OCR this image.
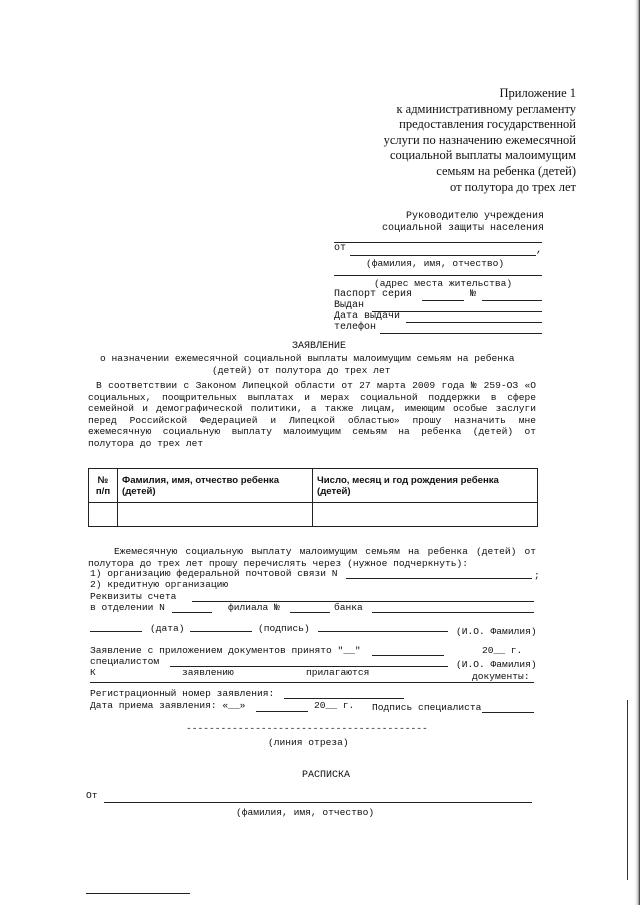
Приложение 1
к административному регламенту
предоставления государственной
услуги по назначению ежемесячной
социальной выплаты малоимущим
семьям на ребенка (детей)
от полутора до трех лет
Руководителю учреждения
социальной защиты населения
от	,
(фамилия, имя, отчество)
(адрес места жительства)
Паспорт серия	№
Выдан
Дата выдачи
телефон
ЗАЯВЛЕНИЕ
о назначении ежемесячной социальной выплаты малоимущим семьям на ребенка
(детей) от полутора до трех лет
В соответствии с Законом Липецкой области от 27 марта 2009 года № 259-ОЗ «О социальных, поощрительных выплатах и мерах социальной поддержки в сфере семейной и демографической политики, а также лицам, имеющим особые заслуги перед Российской Федерацией и Липецкой областью» прошу назначить мне ежемесячную социальную выплату малоимущим семьям на ребенка (детей) от полутора до трех лет
№ п/п	Фамилия, имя, отчество ребенка (детей)	Число, месяц и год рождения ребенка (детей)

Ежемесячную социальную выплату малоимущим семьям на ребенка (детей) от полутора до трех лет прошу перечислять через (нужное подчеркнуть):
1) организацию федеральной почтовой связи N	;
2) кредитную организацию
Реквизиты счета
в отделении N	филиала №	банка
(дата)	(подпись)	(И.О. Фамилия)
Заявление с приложением документов принято "__"	20__ г.
специалистом	(И.О. Фамилия)
К	заявлению	прилагаются	документы:
Регистрационный номер заявления:
Дата приема заявления: «__»	20__ г. Подпись специалиста
------------------------------------------
(линия отреза)
РАСПИСКА
От
(фамилия, имя, отчество)
